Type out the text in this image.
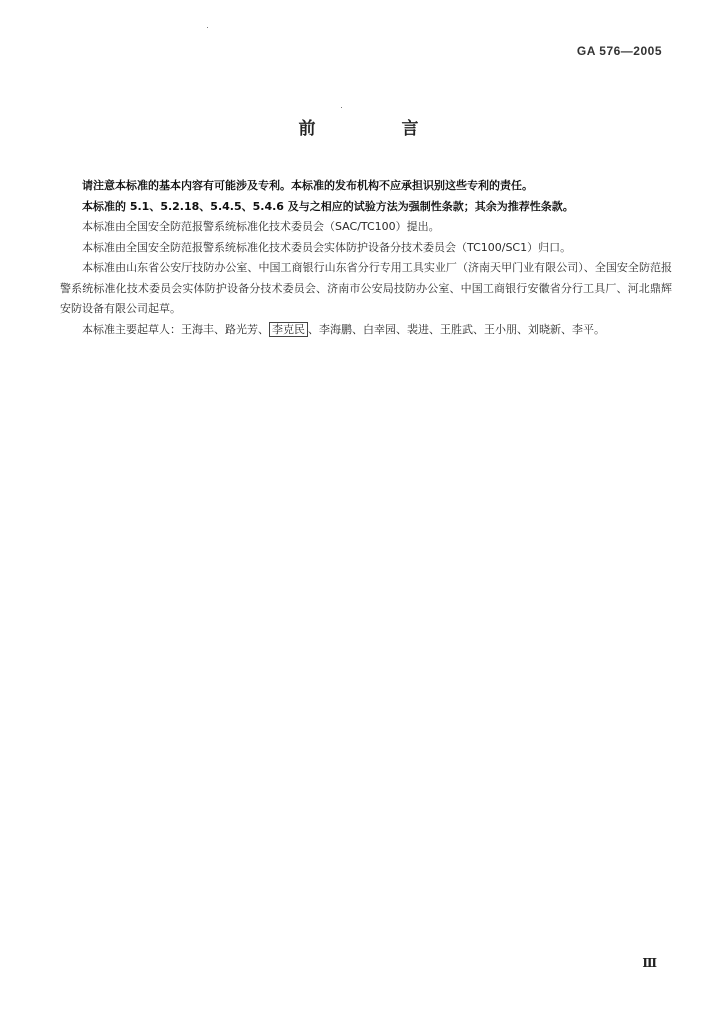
GA 576—2005
前 言

请注意本标准的基本内容有可能涉及专利。本标准的发布机构不应承担识别这些专利的责任。

本标准的 5.1、5.2.18、5.4.5、5.4.6 及与之相应的试验方法为强制性条款；其余为推荐性条款。

本标准由全国安全防范报警系统标准化技术委员会（SAC/TC100）提出。

本标准由全国安全防范报警系统标准化技术委员会实体防护设备分技术委员会（TC100/SC1）归口。

本标准由山东省公安厅技防办公室、中国工商银行山东省分行专用工具实业厂（济南天甲门业有限公司）、全国安全防范报警系统标准化技术委员会实体防护设备分技术委员会、济南市公安局技防办公室、中国工商银行安徽省分行工具厂、河北鼎辉安防设备有限公司起草。

本标准主要起草人：王海丰、路光芳、 李克民 、李海鹏、白幸园、裴进、王胜武、王小朋、刘晓新、李平。

Ⅲ
